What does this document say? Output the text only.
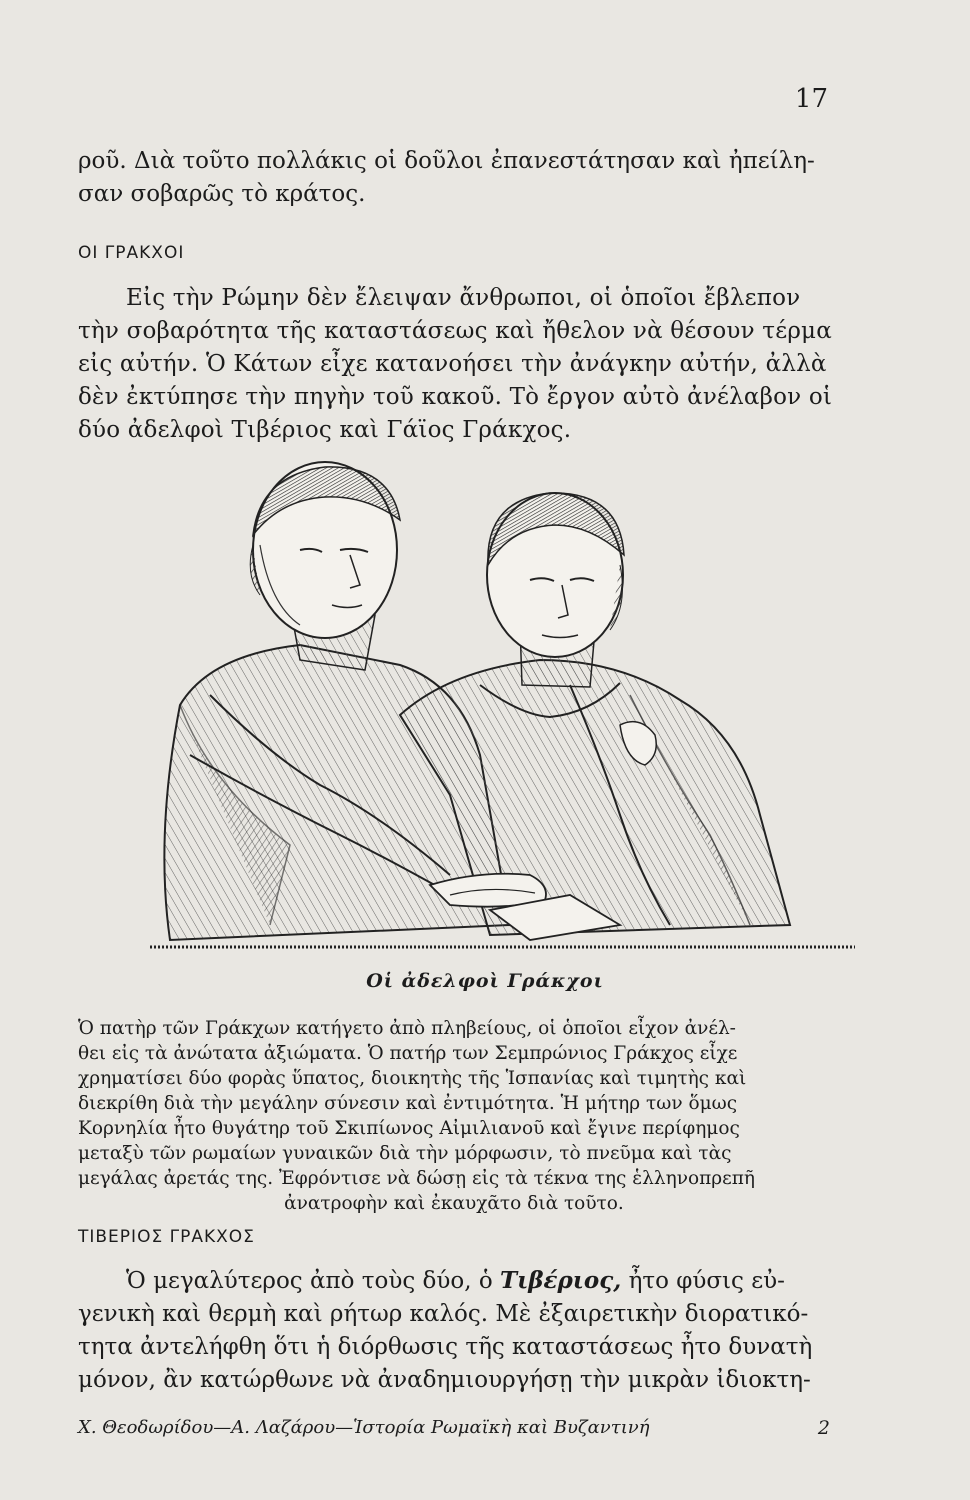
17
ροῦ. Διὰ τοῦτο πολλάκις οἱ δοῦλοι ἐπανεστάτησαν καὶ ἠπείλη-
σαν σοβαρῶς τὸ κράτος.
ΟΙ ΓΡΑΚΧΟΙ
Εἰς τὴν Ρώμην δὲν ἔλειψαν ἄνθρωποι, οἱ ὁποῖοι ἔβλεπον
τὴν σοβαρότητα τῆς καταστάσεως καὶ ἤθελον νὰ θέσουν τέρμα
εἰς αὐτήν. Ὁ Κάτων εἶχε κατανοήσει τὴν ἀνάγκην αὐτήν, ἀλλὰ
δὲν ἐκτύπησε τὴν πηγὴν τοῦ κακοῦ. Τὸ ἔργον αὐτὸ ἀνέλαβον οἱ
δύο ἀδελφοὶ Τιβέριος καὶ Γάϊος Γράκχος.
Οἱ ἀδελφοὶ Γράκχοι
Ὁ πατὴρ τῶν Γράκχων κατήγετο ἀπὸ πληβείους, οἱ ὁποῖοι εἶχον ἀνέλ-
θει εἰς τὰ ἀνώτατα ἀξιώματα. Ὁ πατήρ των Σεμπρώνιος Γράκχος εἶχε
χρηματίσει δύο φορὰς ὕπατος, διοικητὴς τῆς Ἱσπανίας καὶ τιμητὴς καὶ
διεκρίθη διὰ τὴν μεγάλην σύνεσιν καὶ ἐντιμότητα. Ἡ μήτηρ των ὅμως
Κορνηλία ἦτο θυγάτηρ τοῦ Σκιπίωνος Αἰμιλιανοῦ καὶ ἔγινε περίφημος
μεταξὺ τῶν ρωμαίων γυναικῶν διὰ τὴν μόρφωσιν, τὸ πνεῦμα καὶ τὰς
μεγάλας ἀρετάς της. Ἐφρόντισε νὰ δώσῃ εἰς τὰ τέκνα της ἑλληνοπρεπῆ
ἀνατροφὴν καὶ ἐκαυχᾶτο διὰ τοῦτο.
ΤΙΒΕΡΙΟΣ ΓΡΑΚΧΟΣ
Ὁ μεγαλύτερος ἀπὸ τοὺς δύο, ὁ Τιβέριος, ἦτο φύσις εὐ-
γενικὴ καὶ θερμὴ καὶ ρήτωρ καλός. Μὲ ἐξαιρετικὴν διορατικό-
τητα ἀντελήφθη ὅτι ἡ διόρθωσις τῆς καταστάσεως ἦτο δυνατὴ
μόνον, ἂν κατώρθωνε νὰ ἀναδημιουργήσῃ τὴν μικρὰν ἰδιοκτη-
Χ. Θεοδωρίδου—Α. Λαζάρου—Ἱστορία Ρωμαϊκὴ καὶ Βυζαντινή	2
